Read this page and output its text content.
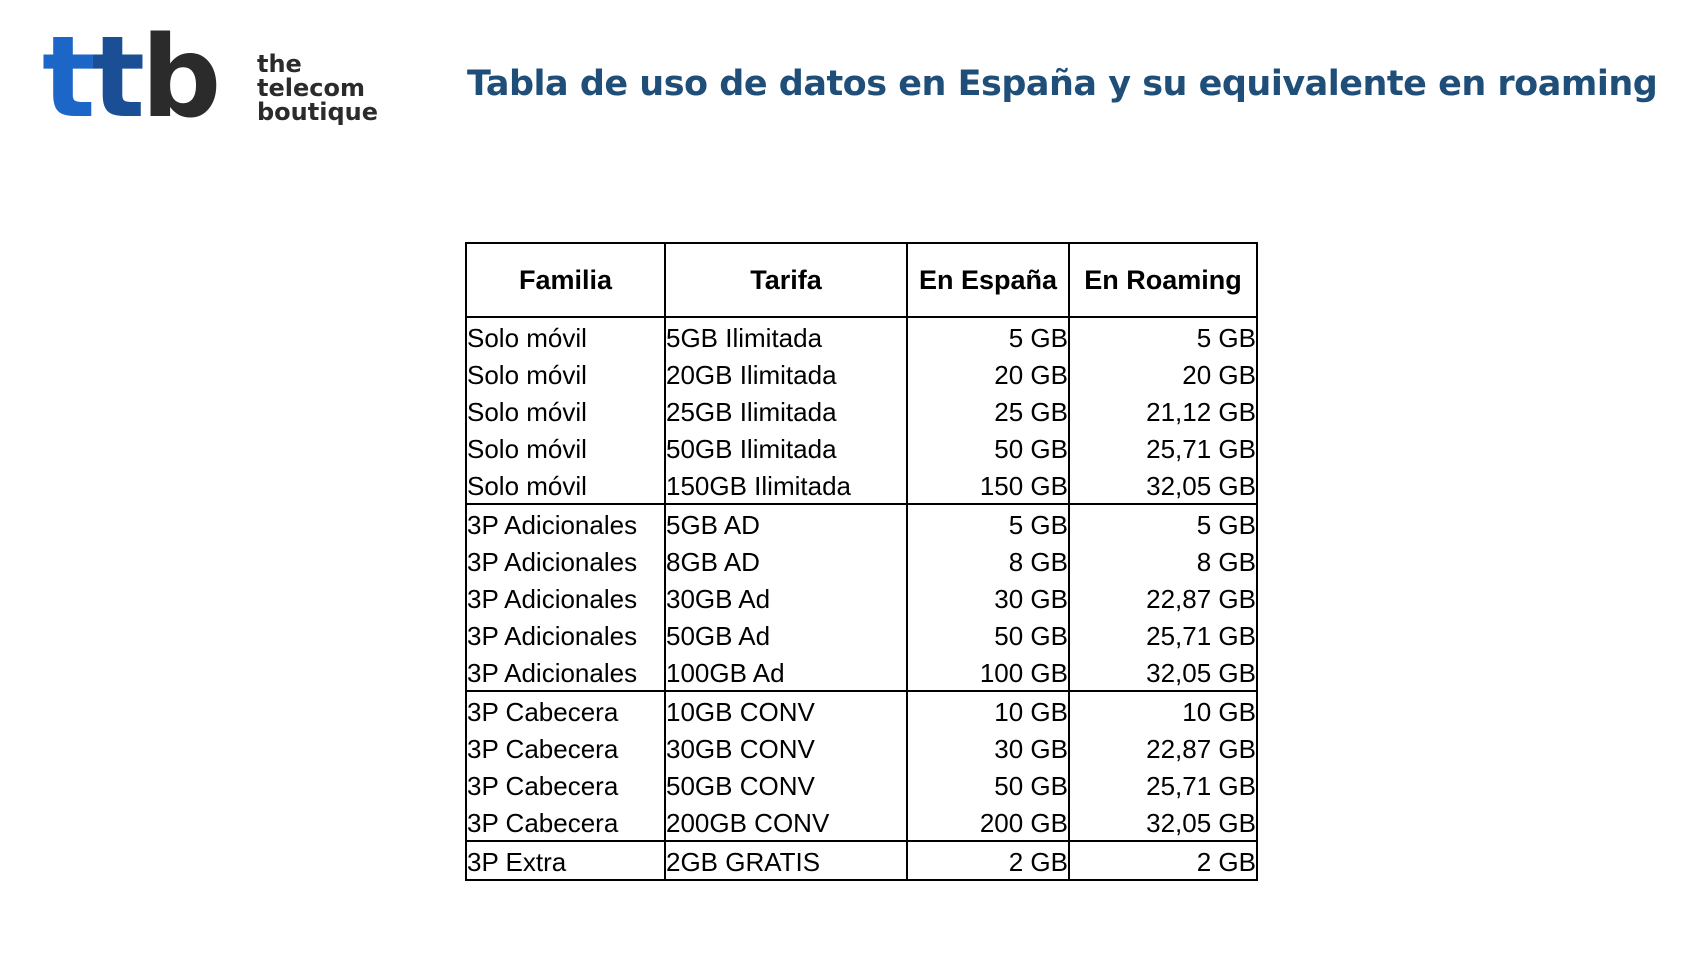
ttb the
telecom
boutique
Tabla de uso de datos en España y su equivalente en roaming
Familia	Tarifa	En España	En Roaming
Solo móvil	5GB Ilimitada	5 GB	5 GB
Solo móvil	20GB Ilimitada	20 GB	20 GB
Solo móvil	25GB Ilimitada	25 GB	21,12 GB
Solo móvil	50GB Ilimitada	50 GB	25,71 GB
Solo móvil	150GB Ilimitada	150 GB	32,05 GB
3P Adicionales	5GB AD	5 GB	5 GB
3P Adicionales	8GB AD	8 GB	8 GB
3P Adicionales	30GB Ad	30 GB	22,87 GB
3P Adicionales	50GB Ad	50 GB	25,71 GB
3P Adicionales	100GB Ad	100 GB	32,05 GB
3P Cabecera	10GB CONV	10 GB	10 GB
3P Cabecera	30GB CONV	30 GB	22,87 GB
3P Cabecera	50GB CONV	50 GB	25,71 GB
3P Cabecera	200GB CONV	200 GB	32,05 GB
3P Extra	2GB GRATIS	2 GB	2 GB
